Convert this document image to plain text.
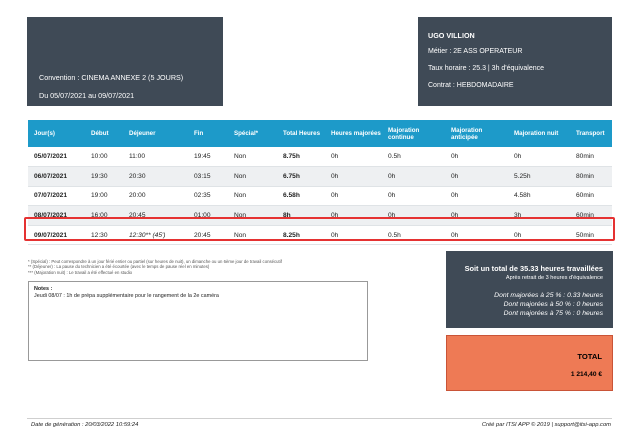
Convention : CINEMA ANNEXE 2 (5 JOURS)
Du 05/07/2021 au 09/07/2021
UGO VILLION
Métier : 2E ASS OPERATEUR
Taux horaire : 25.3 | 3h d'équivalence
Contrat : HEBDOMADAIRE
Jour(s)	Début	Déjeuner	Fin	Spécial*	Total Heures	Heures majorées	Majoration continue	Majoration anticipée	Majoration nuit	Transport
05/07/2021	10:00	11:00	19:45	Non	8.75h	0h	0.5h	0h	0h	80min
06/07/2021	19:30	20:30	03:15	Non	6.75h	0h	0h	0h	5.25h	80min
07/07/2021	19:00	20:00	02:35	Non	6.58h	0h	0h	0h	4.58h	60min
08/07/2021	16:00	20:45	01:00	Non	8h	0h	0h	0h	3h	60min
09/07/2021	12:30	12:30** (45')	20:45	Non	8.25h	0h	0.5h	0h	0h	50min
* (Spécial) : Peut correspondre à un jour férié entier ou partiel (sur heures de nuit), un dimanche ou un 6ème jour de travail consécutif
** (Déjeuner) : La pause du technicien a été écourtée (avec le temps de pause réel en minutes)
*** (Majoration nuit) : Le travail a été effectué en studio
Notes :
Jeudi 08/07 : 1h de prépa supplémentaire pour le rangement de la 2e caméra
Soit un total de 35.33 heures travaillées
Après retrait de 3 heures d'équivalence
Dont majorées à 25 % : 0.33 heures
Dont majorées à 50 % : 0 heures
Dont majorées à 75 % : 0 heures
TOTAL
1 214,40 €
Date de génération : 20/03/2022 10:59:24	Créé par ITSI APP © 2019 | support@itsi-app.com
